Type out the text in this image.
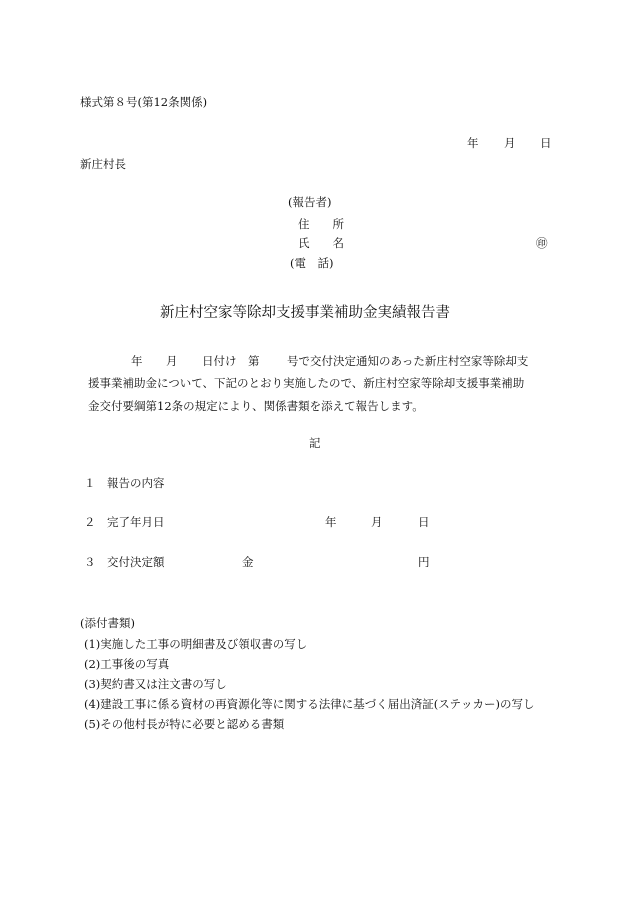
様式第８号(第12条関係)
年 月 日
新庄村長
(報告者)
住　　所
氏　　名	㊞
(電　話)
新庄村空家等除却支援事業補助金実績報告書
年 月 日付け　第 号で交付決定通知のあった新庄村空家等除却支
援事業補助金について、下記のとおり実施したので、新庄村空家等除却支援事業補助
金交付要綱第12条の規定により、関係書類を添えて報告します。
記
１　報告の内容
２　完了年月日	年	月	日
３　交付決定額	金	円
(添付書類)
(1)実施した工事の明細書及び領収書の写し
(2)工事後の写真
(3)契約書又は注文書の写し
(4)建設工事に係る資材の再資源化等に関する法律に基づく届出済証(ステッカー)の写し
(5)その他村長が特に必要と認める書類
